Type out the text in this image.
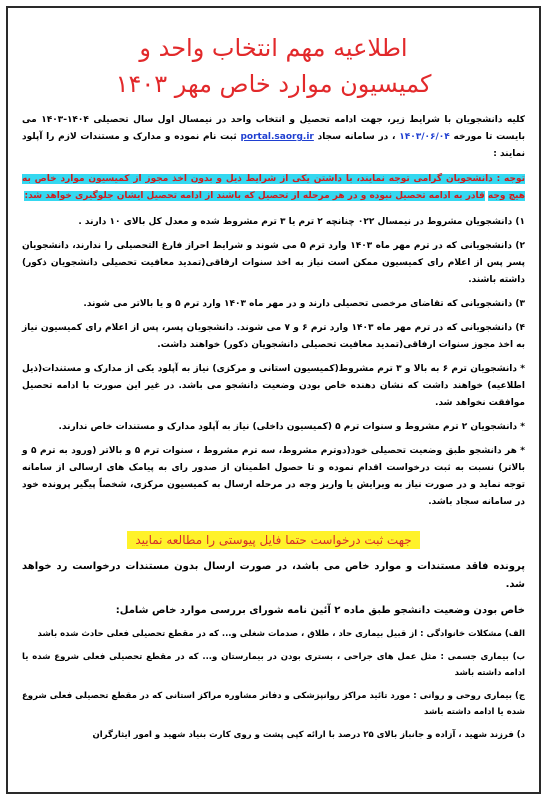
اطلاعیه مهم انتخاب واحد و
کمیسیون موارد خاص مهر ۱۴۰۳

کلیه دانشجویان با شرایط زیر، جهت ادامه تحصیل و انتخاب واحد در نیمسال اول سال تحصیلی ۱۴۰۴-۱۴۰۳ می بایست تا مورخه ۱۴۰۳/۰۶/۰۴ ، در سامانه سجاد portal.saorg.ir ثبت نام نموده و مدارک و مستندات لازم را آپلود نمایند :

توجه : دانشجویان گرامی توجه نمایند، با داشتن یکی از شرایط ذیل و بدون اخذ مجوز از کمیسیون موارد خاص به هیچ وجه قادر به ادامه تحصیل نبوده و در هر مرحله از تحصیل که باشند از ادامه تحصیل ایشان جلوگیری خواهد شد:

۱) دانشجویان مشروط در نیمسال ۰۲۲ چنانچه ۲ ترم یا ۳ ترم مشروط شده و معدل کل بالای ۱۰ دارند .

۲) دانشجویانی که در ترم مهر ماه ۱۴۰۳ وارد ترم ۵ می شوند و شرایط احراز فارغ التحصیلی را ندارند، دانشجویان پسر پس از اعلام رای کمیسیون ممکن است نیاز به اخذ سنوات ارفاقی(تمدید معافیت تحصیلی دانشجویان ذکور) داشته باشند.

۳) دانشجویانی که تقاضای مرخصی تحصیلی دارند و در مهر ماه ۱۴۰۳ وارد ترم ۵ و یا بالاتر می شوند.

۴) دانشجویانی که در ترم مهر ماه ۱۴۰۳ وارد ترم ۶ و ۷ می شوند. دانشجویان پسر، پس از اعلام رای کمیسیون نیاز به اخذ مجوز سنوات ارفاقی(تمدید معافیت تحصیلی دانشجویان ذکور) خواهند داشت.

* دانشجویان ترم ۶ به بالا و ۳ ترم مشروط(کمیسیون استانی و مرکزی) نیاز به آپلود یکی از مدارک و مستندات(ذیل اطلاعیه) خواهند داشت که نشان دهنده خاص بودن وضعیت دانشجو می باشد. در غیر این صورت با ادامه تحصیل موافقت نخواهد شد.

* دانشجویان ۲ ترم مشروط و سنوات ترم ۵ (کمیسیون داخلی) نیاز به آپلود مدارک و مستندات خاص ندارند.

* هر دانشجو طبق وضعیت تحصیلی خود(دوترم مشروط، سه ترم مشروط ، سنوات ترم ۵ و بالاتر (ورود به ترم ۵ و بالاتر) نسبت به ثبت درخواست اقدام نموده و تا حصول اطمینان از صدور رای به پیامک های ارسالی از سامانه توجه نماید و در صورت نیاز به ویرایش یا واریز وجه در مرحله ارسال به کمیسیون مرکزی، شخصاً پیگیر پرونده خود در سامانه سجاد باشد.

جهت ثبت درخواست حتما فایل پیوستی را مطالعه نمایید

پرونده فاقد مستندات و موارد خاص می باشد، در صورت ارسال بدون مستندات درخواست رد خواهد شد.

خاص بودن وضعیت دانشجو طبق ماده ۲ آئین نامه شورای بررسی موارد خاص شامل:

الف) مشکلات خانوادگی : از قبیل بیماری حاد ، طلاق ، صدمات شغلی و... که در مقطع تحصیلی فعلی حادث شده باشد

ب) بیماری جسمی : مثل عمل های جراحی ، بستری بودن در بیمارستان و... که در مقطع تحصیلی فعلی شروع شده یا ادامه داشته باشد

ج) بیماری روحی و روانی : مورد تائید مراکز روانپزشکی و دفاتر مشاوره مراکز استانی که در مقطع تحصیلی فعلی شروع شده یا ادامه داشته باشد

د) فرزند شهید ، آزاده و جانباز بالای ۲۵ درصد با ارائه کپی پشت و روی کارت بنیاد شهید و امور ایثارگران
